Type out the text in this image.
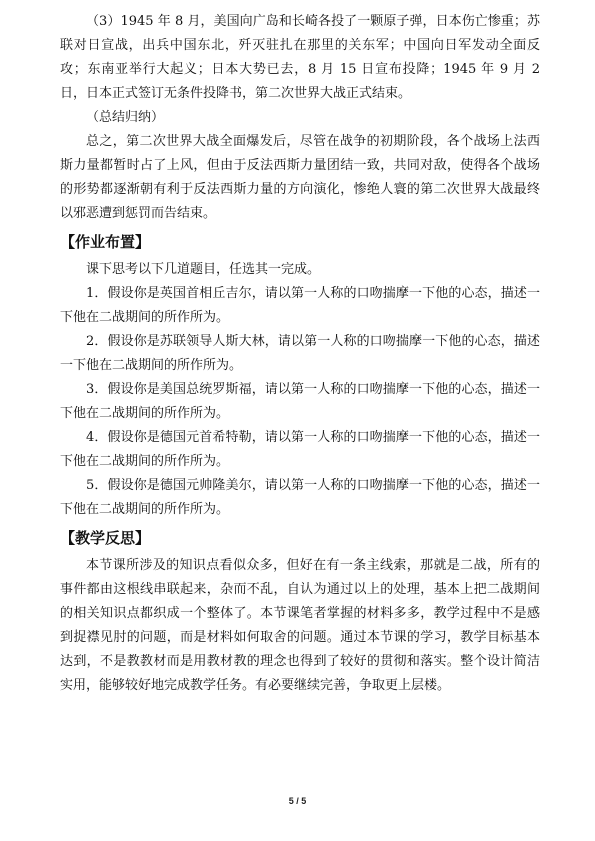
（3）1945 年 8 月，美国向广岛和长崎各投了一颗原子弹，日本伤亡惨重；苏联对日宣战，出兵中国东北，歼灭驻扎在那里的关东军；中国向日军发动全面反攻；东南亚举行大起义；日本大势已去，8 月 15 日宣布投降；1945 年 9 月 2 日，日本正式签订无条件投降书，第二次世界大战正式结束。

（总结归纳）

总之，第二次世界大战全面爆发后，尽管在战争的初期阶段，各个战场上法西斯力量都暂时占了上风，但由于反法西斯力量团结一致，共同对敌，使得各个战场的形势都逐渐朝有利于反法西斯力量的方向演化，惨绝人寰的第二次世界大战最终以邪恶遭到惩罚而告结束。

【作业布置】

课下思考以下几道题目，任选其一完成。

1．假设你是英国首相丘吉尔，请以第一人称的口吻揣摩一下他的心态，描述一下他在二战期间的所作所为。

2．假设你是苏联领导人斯大林，请以第一人称的口吻揣摩一下他的心态，描述一下他在二战期间的所作所为。

3．假设你是美国总统罗斯福，请以第一人称的口吻揣摩一下他的心态，描述一下他在二战期间的所作所为。

4．假设你是德国元首希特勒，请以第一人称的口吻揣摩一下他的心态，描述一下他在二战期间的所作所为。

5．假设你是德国元帅隆美尔，请以第一人称的口吻揣摩一下他的心态，描述一下他在二战期间的所作所为。

【教学反思】

本节课所涉及的知识点看似众多，但好在有一条主线索，那就是二战，所有的事件都由这根线串联起来，杂而不乱，自认为通过以上的处理，基本上把二战期间的相关知识点都织成一个整体了。本节课笔者掌握的材料多多，教学过程中不是感到捉襟见肘的问题，而是材料如何取舍的问题。通过本节课的学习，教学目标基本达到，不是教教材而是用教材教的理念也得到了较好的贯彻和落实。整个设计简洁实用，能够较好地完成教学任务。有必要继续完善，争取更上层楼。

5 / 5
